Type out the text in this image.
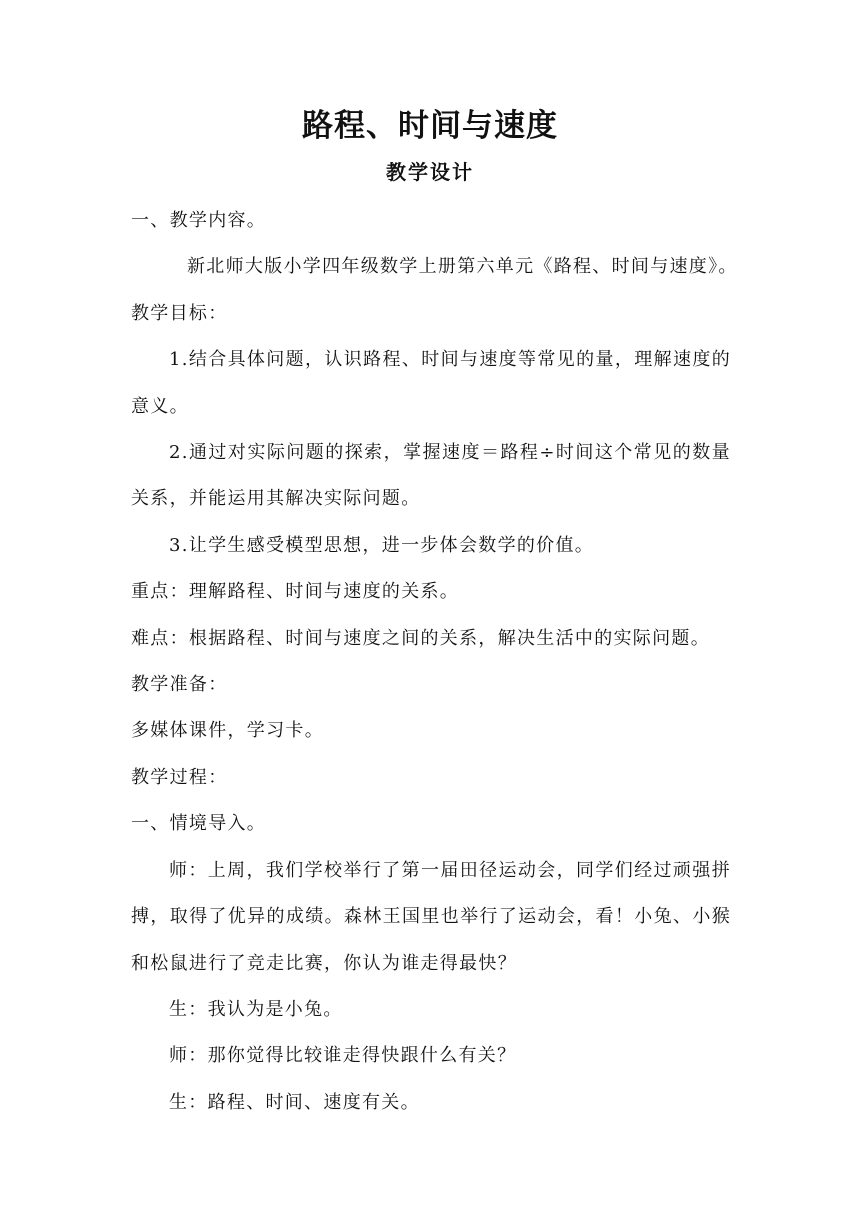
路程、时间与速度
教学设计

一、教学内容。

新北师大版小学四年级数学上册第六单元《路程、时间与速度》。

教学目标：

1.结合具体问题，认识路程、时间与速度等常见的量，理解速度的意义。

2.通过对实际问题的探索，掌握速度＝路程÷时间这个常见的数量关系，并能运用其解决实际问题。

3.让学生感受模型思想，进一步体会数学的价值。

重点：理解路程、时间与速度的关系。

难点：根据路程、时间与速度之间的关系，解决生活中的实际问题。

教学准备：

多媒体课件，学习卡。

教学过程：

一、情境导入。

师：上周，我们学校举行了第一届田径运动会，同学们经过顽强拼搏，取得了优异的成绩。森林王国里也举行了运动会，看！小兔、小猴和松鼠进行了竞走比赛，你认为谁走得最快？

生：我认为是小兔。

师：那你觉得比较谁走得快跟什么有关？

生：路程、时间、速度有关。
